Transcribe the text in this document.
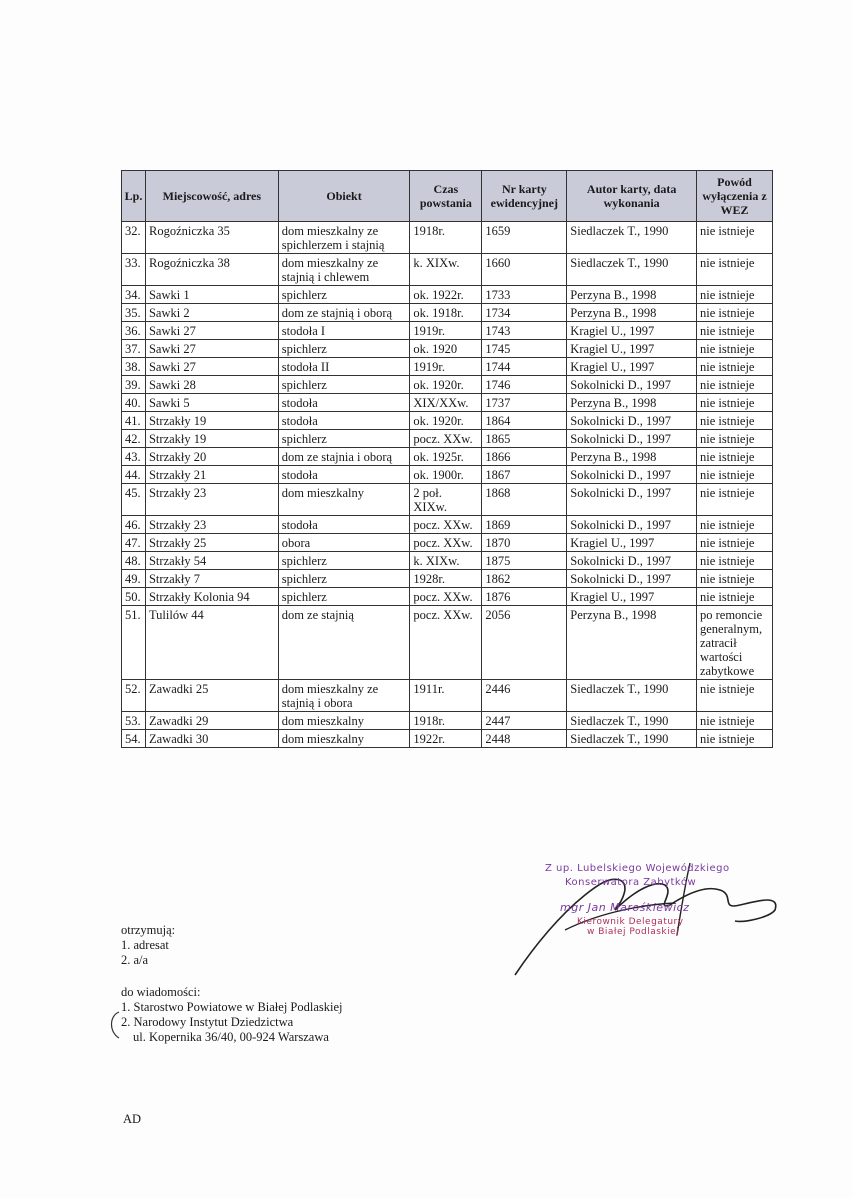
Lp.	Miejscowość, adres	Obiekt	Czas powstania	Nr karty ewidencyjnej	Autor karty, data wykonania	Powód wyłączenia z WEZ
32.	Rogoźniczka 35	dom mieszkalny ze spichlerzem i stajnią	1918r.	1659	Siedlaczek T., 1990	nie istnieje
33.	Rogoźniczka 38	dom mieszkalny ze stajnią i chlewem	k. XIXw.	1660	Siedlaczek T., 1990	nie istnieje
34.	Sawki 1	spichlerz	ok. 1922r.	1733	Perzyna B., 1998	nie istnieje
35.	Sawki 2	dom ze stajnią i oborą	ok. 1918r.	1734	Perzyna B., 1998	nie istnieje
36.	Sawki 27	stodoła I	1919r.	1743	Kragiel U., 1997	nie istnieje
37.	Sawki 27	spichlerz	ok. 1920	1745	Kragiel U., 1997	nie istnieje
38.	Sawki 27	stodoła II	1919r.	1744	Kragiel U., 1997	nie istnieje
39.	Sawki 28	spichlerz	ok. 1920r.	1746	Sokolnicki D., 1997	nie istnieje
40.	Sawki 5	stodoła	XIX/XXw.	1737	Perzyna B., 1998	nie istnieje
41.	Strzakły 19	stodoła	ok. 1920r.	1864	Sokolnicki D., 1997	nie istnieje
42.	Strzakły 19	spichlerz	pocz. XXw.	1865	Sokolnicki D., 1997	nie istnieje
43.	Strzakły 20	dom ze stajnia i oborą	ok. 1925r.	1866	Perzyna B., 1998	nie istnieje
44.	Strzakły 21	stodoła	ok. 1900r.	1867	Sokolnicki D., 1997	nie istnieje
45.	Strzakły 23	dom mieszkalny	2 poł. XIXw.	1868	Sokolnicki D., 1997	nie istnieje
46.	Strzakły 23	stodoła	pocz. XXw.	1869	Sokolnicki D., 1997	nie istnieje
47.	Strzakły 25	obora	pocz. XXw.	1870	Kragiel U., 1997	nie istnieje
48.	Strzakły 54	spichlerz	k. XIXw.	1875	Sokolnicki D., 1997	nie istnieje
49.	Strzakły 7	spichlerz	1928r.	1862	Sokolnicki D., 1997	nie istnieje
50.	Strzakły Kolonia 94	spichlerz	pocz. XXw.	1876	Kragiel U., 1997	nie istnieje
51.	Tulilów 44	dom ze stajnią	pocz. XXw.	2056	Perzyna B., 1998	po remoncie generalnym, zatracił wartości zabytkowe
52.	Zawadki 25	dom mieszkalny ze stajnią i obora	1911r.	2446	Siedlaczek T., 1990	nie istnieje
53.	Zawadki 29	dom mieszkalny	1918r.	2447	Siedlaczek T., 1990	nie istnieje
54.	Zawadki 30	dom mieszkalny	1922r.	2448	Siedlaczek T., 1990	nie istnieje
Z up. Lubelskiego Wojewódzkiego
Konserwatora Zabytków
mgr Jan Marośkiewicz
Kierownik Delegatury
w Białej Podlaskiej
otrzymują:
1. adresat
2. a/a
do wiadomości:
1. Starostwo Powiatowe w Białej Podlaskiej
2. Narodowy Instytut Dziedzictwa
ul. Kopernika 36/40, 00-924 Warszawa
AD
